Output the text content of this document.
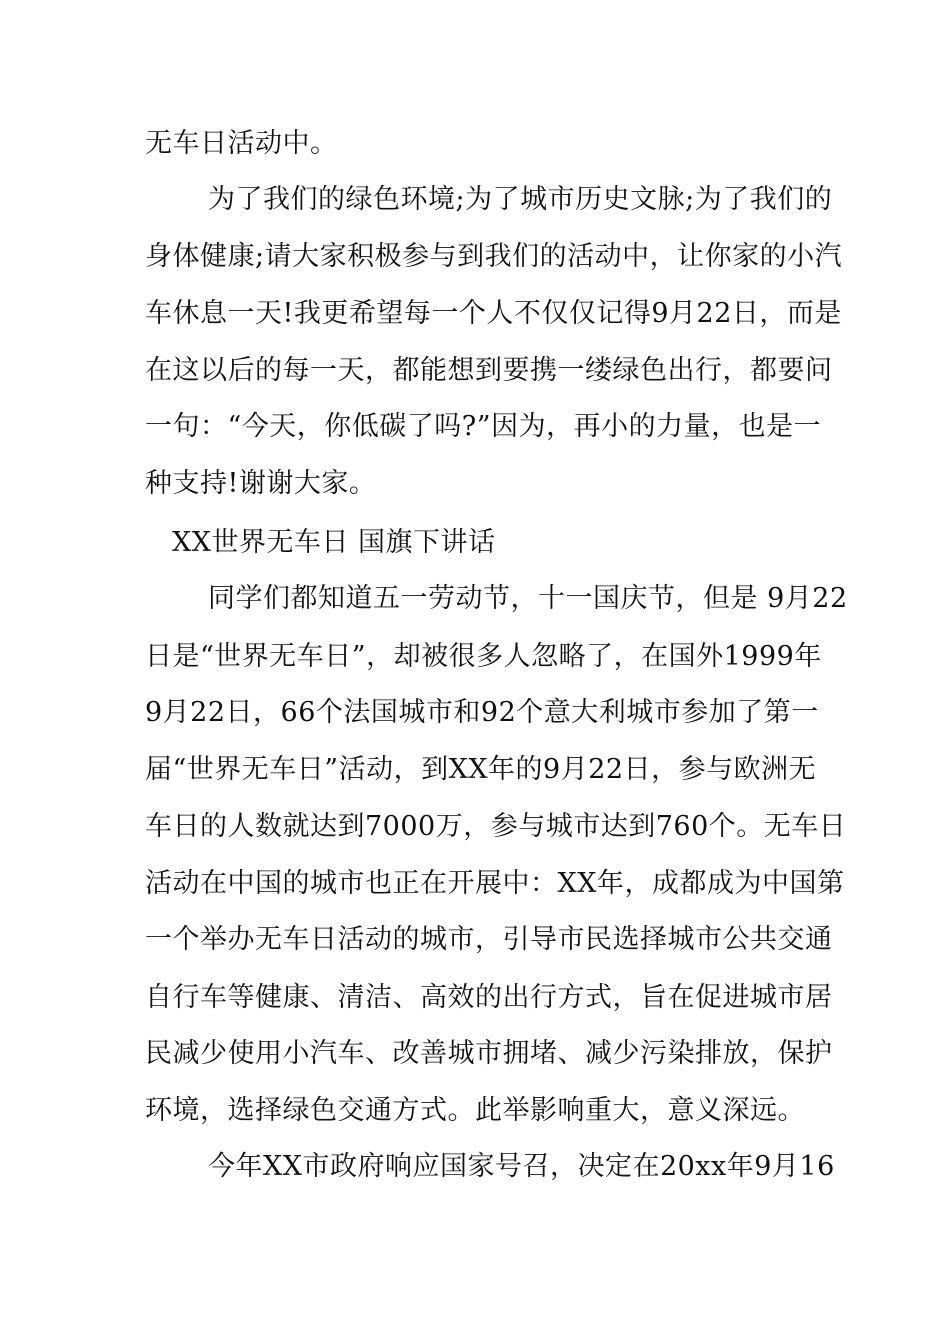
无车日活动中。
为了我们的绿色环境;为了城市历史文脉;为了我们的
身体健康;请大家积极参与到我们的活动中，让你家的小汽
车休息一天!我更希望每一个人不仅仅记得9月22日，而是
在这以后的每一天，都能想到要携一缕绿色出行，都要问
一句：“今天，你低碳了吗?”因为，再小的力量，也是一
种支持!谢谢大家。
XX世界无车日 国旗下讲话
同学们都知道五一劳动节，十一国庆节，但是 9月22
日是“世界无车日”，却被很多人忽略了，在国外1999年
9月22日，66个法国城市和92个意大利城市参加了第一
届“世界无车日”活动，到XX年的9月22日，参与欧洲无
车日的人数就达到7000万，参与城市达到760个。无车日
活动在中国的城市也正在开展中：XX年，成都成为中国第
一个举办无车日活动的城市，引导市民选择城市公共交通
自行车等健康、清洁、高效的出行方式，旨在促进城市居
民减少使用小汽车、改善城市拥堵、减少污染排放，保护
环境，选择绿色交通方式。此举影响重大，意义深远。
今年XX市政府响应国家号召，决定在20xx年9月16
